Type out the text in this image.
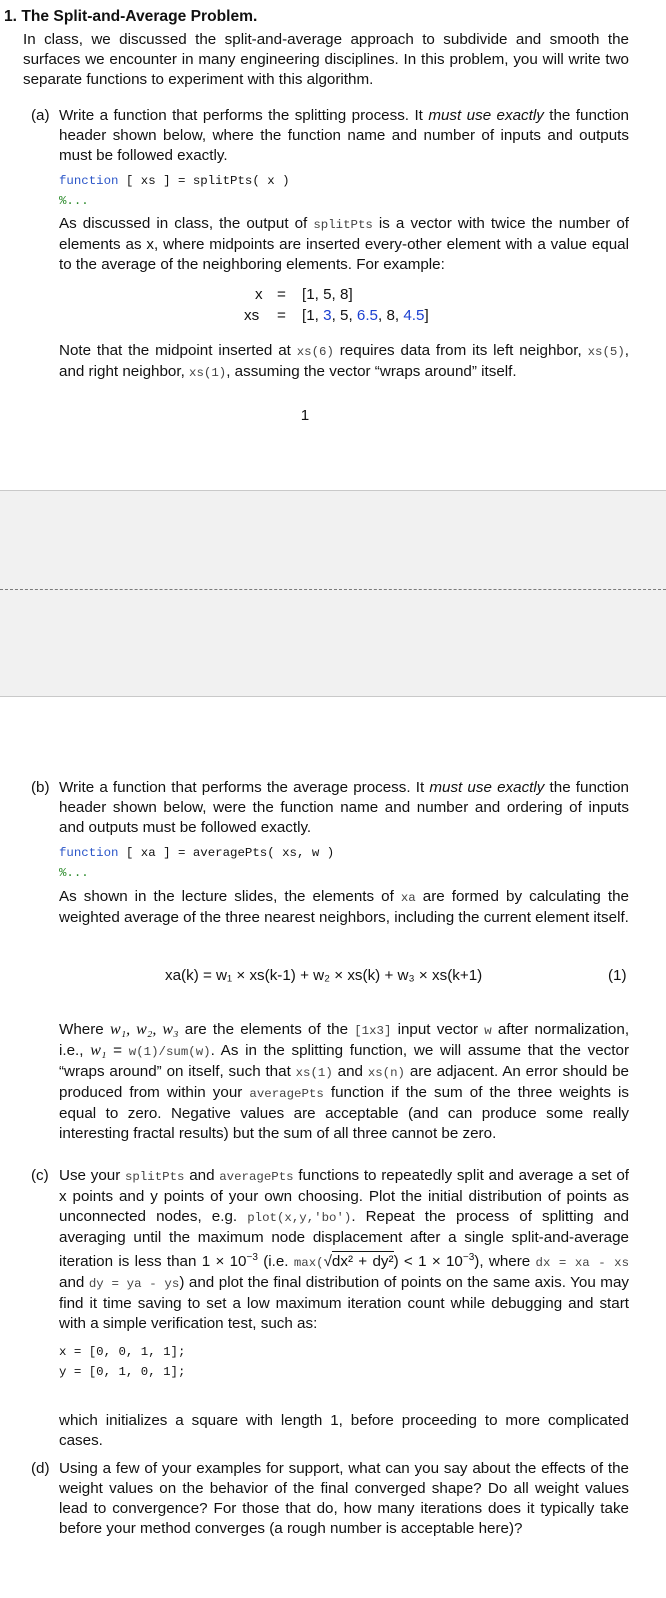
1. The Split-and-Average Problem.
In class, we discussed the split-and-average approach to subdivide and smooth the surfaces we encounter in many engineering disciplines. In this problem, you will write two separate functions to experiment with this algorithm.
(a) Write a function that performs the splitting process. It must use exactly the function header shown below, where the function name and number of inputs and outputs must be followed exactly.
function [ xs ] = splitPts( x )
%...
As discussed in class, the output of splitPts is a vector with twice the number of elements as x, where midpoints are inserted every-other element with a value equal to the average of the neighboring elements. For example:
x = [1, 5, 8]
xs = [1, 3, 5, 6.5, 8, 4.5]
Note that the midpoint inserted at xs(6) requires data from its left neighbor, xs(5), and right neighbor, xs(1), assuming the vector “wraps around” itself.
1
(b) Write a function that performs the average process. It must use exactly the function header shown below, were the function name and number and ordering of inputs and outputs must be followed exactly.
function [ xa ] = averagePts( xs, w )
%...
As shown in the lecture slides, the elements of xa are formed by calculating the weighted average of the three nearest neighbors, including the current element itself.
xa(k) = w₁ × xs(k-1) + w₂ × xs(k) + w₃ × xs(k+1)	(1)
Where w₁, w₂, w₃ are the elements of the [1x3] input vector w after normalization, i.e., w₁ = w(1)/sum(w). As in the splitting function, we will assume that the vector “wraps around” on itself, such that xs(1) and xs(n) are adjacent. An error should be produced from within your averagePts function if the sum of the three weights is equal to zero. Negative values are acceptable (and can produce some really interesting fractal results) but the sum of all three cannot be zero.
(c) Use your splitPts and averagePts functions to repeatedly split and average a set of x points and y points of your own choosing. Plot the initial distribution of points as unconnected nodes, e.g. plot(x,y,'bo'). Repeat the process of splitting and averaging until the maximum node displacement after a single split-and-average iteration is less than $1 \times 10^{-3}$ (i.e. $\max(√dx^2 + dy^2) < 1 \times 10^{-3}$), where dx = xa - xs and dy = ya - ys) and plot the final distribution of points on the same axis. You may find it time saving to set a low maximum iteration count while debugging and start with a simple verification test, such as:
x = [0, 0, 1, 1];
y = [0, 1, 0, 1];
which initializes a square with length 1, before proceeding to more complicated cases.
(d) Using a few of your examples for support, what can you say about the effects of the weight values on the behavior of the final converged shape? Do all weight values lead to convergence? For those that do, how many iterations does it typically take before your method converges (a rough number is acceptable here)?
